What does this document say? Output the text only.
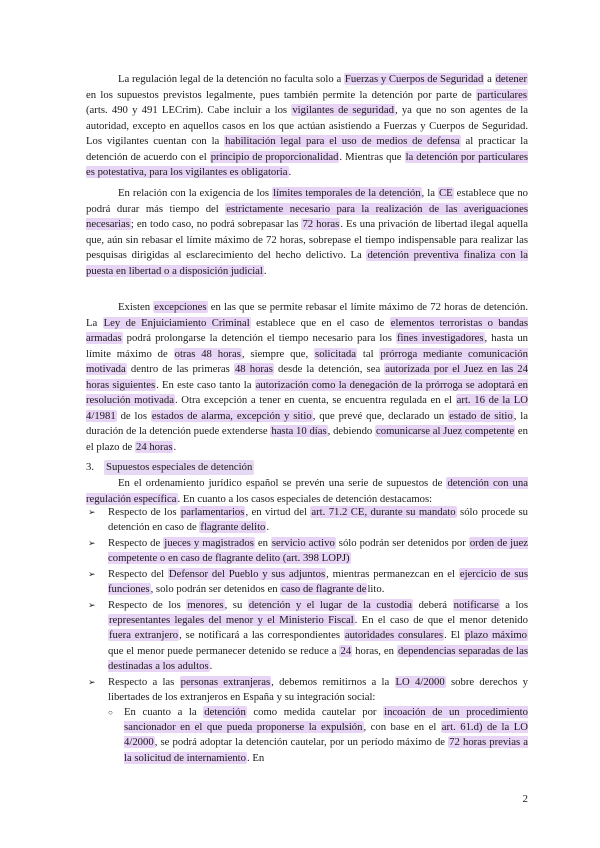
La regulación legal de la detención no faculta solo a Fuerzas y Cuerpos de Seguridad a detener en los supuestos previstos legalmente, pues también permite la detención por parte de particulares (arts. 490 y 491 LECrim). Cabe incluir a los vigilantes de seguridad, ya que no son agentes de la autoridad, excepto en aquellos casos en los que actúan asistiendo a Fuerzas y Cuerpos de Seguridad. Los vigilantes cuentan con la habilitación legal para el uso de medios de defensa al practicar la detención de acuerdo con el principio de proporcionalidad. Mientras que la detención por particulares es potestativa, para los vigilantes es obligatoria.

En relación con la exigencia de los límites temporales de la detención, la CE establece que no podrá durar más tiempo del estrictamente necesario para la realización de las averiguaciones necesarias; en todo caso, no podrá sobrepasar las 72 horas. Es una privación de libertad ilegal aquella que, aún sin rebasar el límite máximo de 72 horas, sobrepase el tiempo indispensable para realizar las pesquisas dirigidas al esclarecimiento del hecho delictivo. La detención preventiva finaliza con la puesta en libertad o a disposición judicial.

Existen excepciones en las que se permite rebasar el límite máximo de 72 horas de detención. La Ley de Enjuiciamiento Criminal establece que en el caso de elementos terroristas o bandas armadas podrá prolongarse la detención el tiempo necesario para los fines investigadores, hasta un límite máximo de otras 48 horas, siempre que, solicitada tal prórroga mediante comunicación motivada dentro de las primeras 48 horas desde la detención, sea autorizada por el Juez en las 24 horas siguientes. En este caso tanto la autorización como la denegación de la prórroga se adoptará en resolución motivada. Otra excepción a tener en cuenta, se encuentra regulada en el art. 16 de la LO 4/1981 de los estados de alarma, excepción y sitio, que prevé que, declarado un estado de sitio, la duración de la detención puede extenderse hasta 10 días, debiendo comunicarse al Juez competente en el plazo de 24 horas.

3. Supuestos especiales de detención

En el ordenamiento jurídico español se prevén una serie de supuestos de detención con una regulación específica. En cuanto a los casos especiales de detención destacamos:

➢ Respecto de los parlamentarios, en virtud del art. 71.2 CE, durante su mandato sólo procede su detención en caso de flagrante delito.
➢ Respecto de jueces y magistrados en servicio activo sólo podrán ser detenidos por orden de juez competente o en caso de flagrante delito (art. 398 LOPJ)
➢ Respecto del Defensor del Pueblo y sus adjuntos, mientras permanezcan en el ejercicio de sus funciones, solo podrán ser detenidos en caso de flagrante delito.
➢ Respecto de los menores, su detención y el lugar de la custodia deberá notificarse a los representantes legales del menor y el Ministerio Fiscal. En el caso de que el menor detenido fuera extranjero, se notificará a las correspondientes autoridades consulares. El plazo máximo que el menor puede permanecer detenido se reduce a 24 horas, en dependencias separadas de las destinadas a los adultos.
➢ Respecto a las personas extranjeras, debemos remitirnos a la LO 4/2000 sobre derechos y libertades de los extranjeros en España y su integración social:
○ En cuanto a la detención como medida cautelar por incoación de un procedimiento sancionador en el que pueda proponerse la expulsión, con base en el art. 61.d) de la LO 4/2000, se podrá adoptar la detención cautelar, por un período máximo de 72 horas previas a la solicitud de internamiento. En
2
